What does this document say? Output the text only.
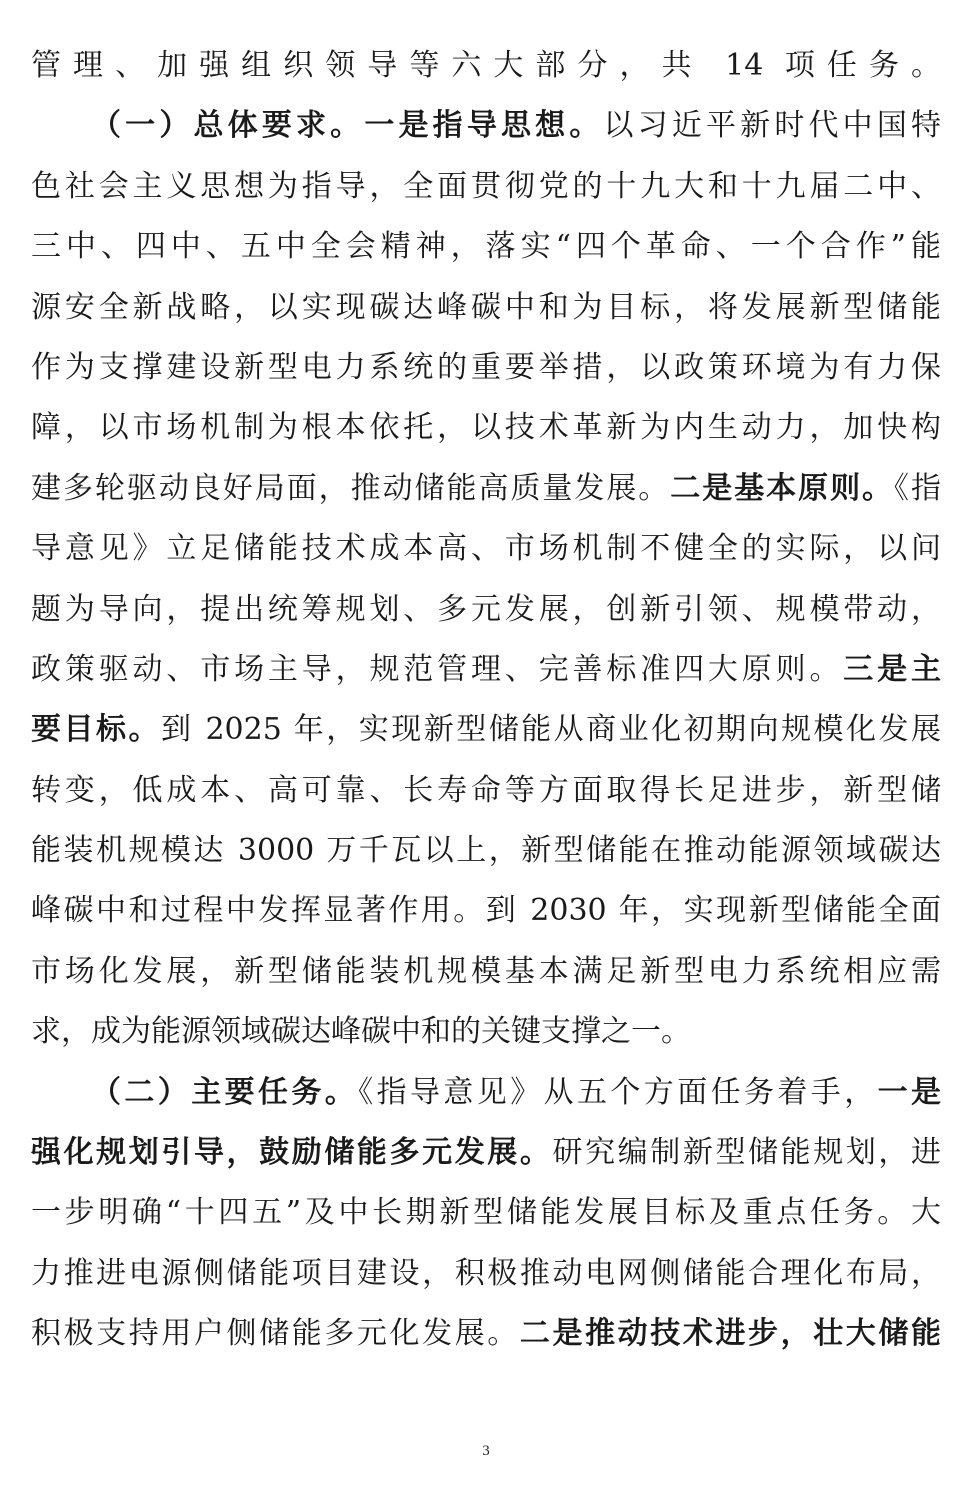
管理、加强组织领导等六大部分，共 14 项任务。
（一）总体要求。一是指导思想。以习近平新时代中国特
色社会主义思想为指导，全面贯彻党的十九大和十九届二中、
三中、四中、五中全会精神，落实“四个革命、一个合作”能
源安全新战略，以实现碳达峰碳中和为目标，将发展新型储能
作为支撑建设新型电力系统的重要举措，以政策环境为有力保
障，以市场机制为根本依托，以技术革新为内生动力，加快构
建多轮驱动良好局面，推动储能高质量发展。二是基本原则。《指
导意见》立足储能技术成本高、市场机制不健全的实际，以问
题为导向，提出统筹规划、多元发展，创新引领、规模带动，
政策驱动、市场主导，规范管理、完善标准四大原则。三是主
要目标。到 2025 年，实现新型储能从商业化初期向规模化发展
转变，低成本、高可靠、长寿命等方面取得长足进步，新型储
能装机规模达 3000 万千瓦以上，新型储能在推动能源领域碳达
峰碳中和过程中发挥显著作用。到 2030 年，实现新型储能全面
市场化发展，新型储能装机规模基本满足新型电力系统相应需
求，成为能源领域碳达峰碳中和的关键支撑之一。
（二）主要任务。《指导意见》从五个方面任务着手，一是
强化规划引导，鼓励储能多元发展。研究编制新型储能规划，进
一步明确“十四五”及中长期新型储能发展目标及重点任务。大
力推进电源侧储能项目建设，积极推动电网侧储能合理化布局，
积极支持用户侧储能多元化发展。二是推动技术进步，壮大储能
3
